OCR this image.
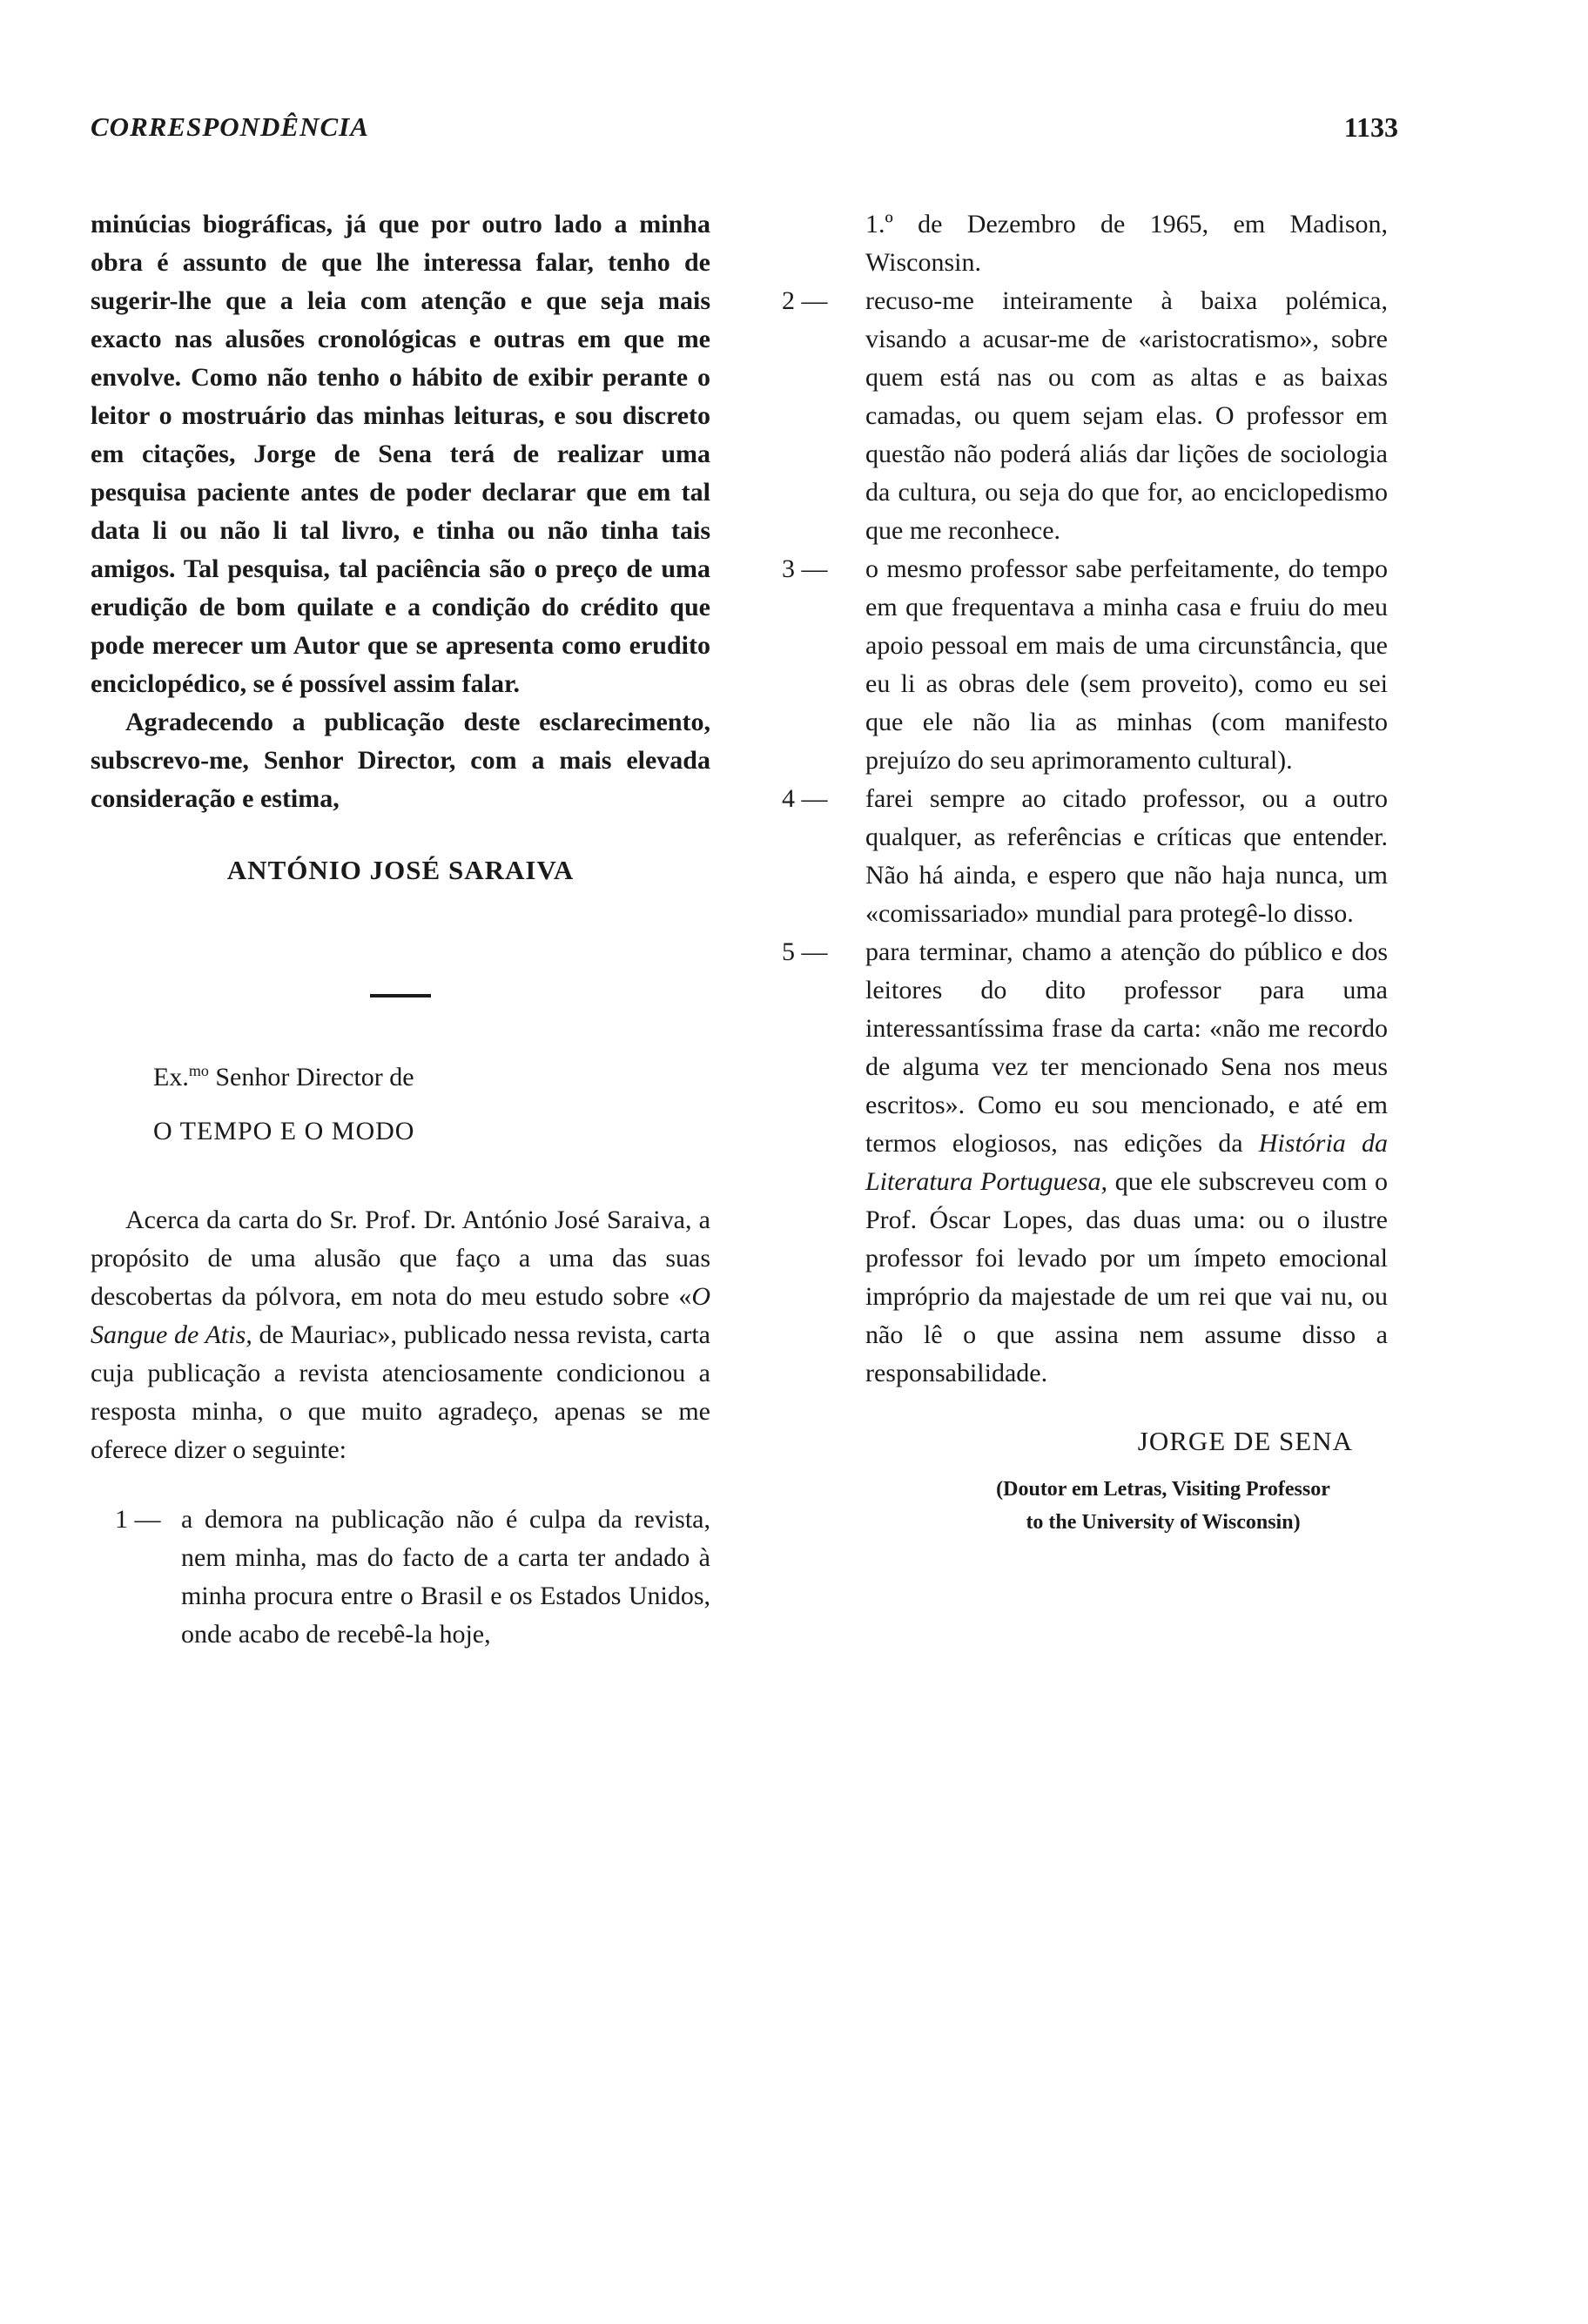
CORRESPONDÊNCIA	1133

minúcias biográficas, já que por outro lado a minha obra é assunto de que lhe interessa falar, tenho de sugerir-lhe que a leia com atenção e que seja mais exacto nas alusões cronológicas e outras em que me envolve. Como não tenho o hábito de exibir perante o leitor o mostruário das minhas leituras, e sou discreto em citações, Jorge de Sena terá de realizar uma pesquisa paciente antes de poder declarar que em tal data li ou não li tal livro, e tinha ou não tinha tais amigos. Tal pesquisa, tal paciência são o preço de uma erudição de bom quilate e a condição do crédito que pode merecer um Autor que se apresenta como erudito enciclopédico, se é possível assim falar.

Agradecendo a publicação deste esclarecimento, subscrevo-me, Senhor Director, com a mais elevada consideração e estima,

ANTÓNIO JOSÉ SARAIVA

Ex.$^{mo}$ Senhor Director de

O TEMPO E O MODO

Acerca da carta do Sr. Prof. Dr. António José Saraiva, a propósito de uma alusão que faço a uma das suas descobertas da pólvora, em nota do meu estudo sobre «O Sangue de Atis, de Mauriac», publicado nessa revista, carta cuja publicação a revista atenciosamente condicionou a resposta minha, o que muito agradeço, apenas se me oferece dizer o seguinte:

1 — a demora na publicação não é culpa da revista, nem minha, mas do facto de a carta ter andado à minha procura entre o Brasil e os Estados Unidos, onde acabo de recebê-la hoje,

1.º de Dezembro de 1965, em Madison, Wisconsin.

2 —	recuso-me inteiramente à baixa polémica, visando a acusar-me de «aristocratismo», sobre quem está nas ou com as altas e as baixas camadas, ou quem sejam elas. O professor em questão não poderá aliás dar lições de sociologia da cultura, ou seja do que for, ao enciclopedismo que me reconhece.

3 —	o mesmo professor sabe perfeitamente, do tempo em que frequentava a minha casa e fruiu do meu apoio pessoal em mais de uma circunstância, que eu li as obras dele (sem proveito), como eu sei que ele não lia as minhas (com manifesto prejuízo do seu aprimoramento cultural).

4 —	farei sempre ao citado professor, ou a outro qualquer, as referências e críticas que entender. Não há ainda, e espero que não haja nunca, um «comissariado» mundial para protegê-lo disso.

5 —	para terminar, chamo a atenção do público e dos leitores do dito professor para uma interessantíssima frase da carta: «não me recordo de alguma vez ter mencionado Sena nos meus escritos». Como eu sou mencionado, e até em termos elogiosos, nas edições da História da Literatura Portuguesa, que ele subscreveu com o Prof. Óscar Lopes, das duas uma: ou o ilustre professor foi levado por um ímpeto emocional impróprio da majestade de um rei que vai nu, ou não lê o que assina nem assume disso a responsabilidade.

JORGE DE SENA

(Doutor em Letras, Visiting Professor
to the University of Wisconsin)
